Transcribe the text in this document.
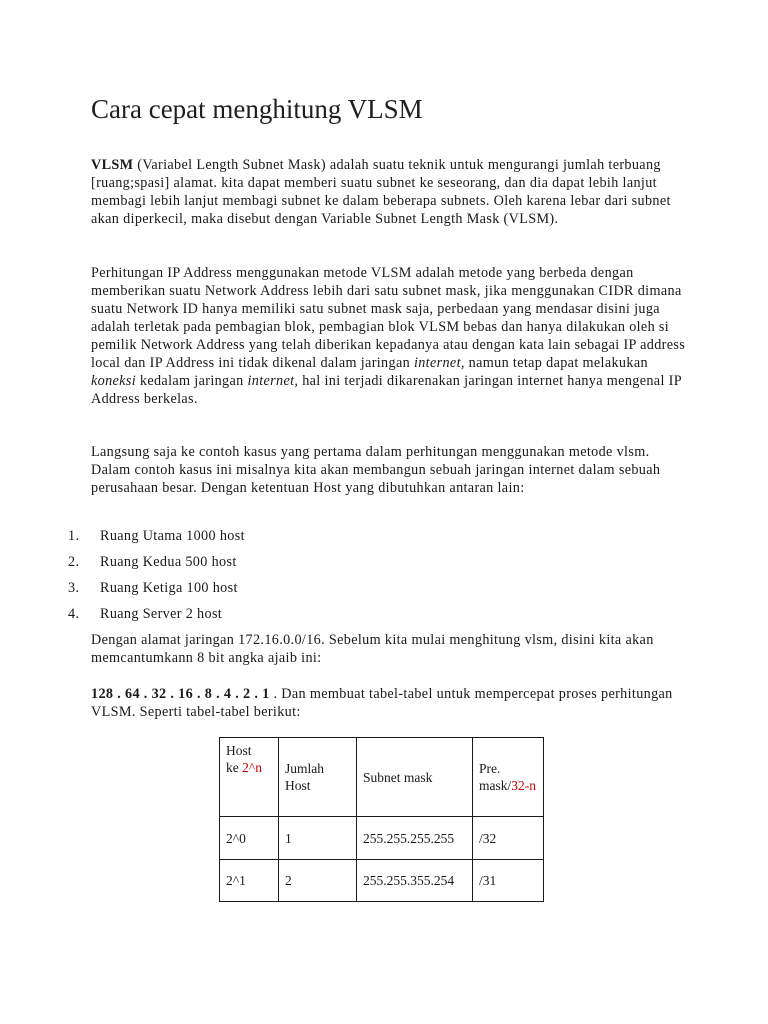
Cara cepat menghitung VLSM

VLSM (Variabel Length Subnet Mask) adalah suatu teknik untuk mengurangi jumlah terbuang [ruang;spasi] alamat. kita dapat memberi suatu subnet ke seseorang, dan dia dapat lebih lanjut membagi lebih lanjut membagi subnet ke dalam beberapa subnets. Oleh karena lebar dari subnet akan diperkecil, maka disebut dengan Variable Subnet Length Mask (VLSM).

Perhitungan IP Address menggunakan metode VLSM adalah metode yang berbeda dengan memberikan suatu Network Address lebih dari satu subnet mask, jika menggunakan CIDR dimana suatu Network ID hanya memiliki satu subnet mask saja, perbedaan yang mendasar disini juga adalah terletak pada pembagian blok, pembagian blok VLSM bebas dan hanya dilakukan oleh si pemilik Network Address yang telah diberikan kepadanya atau dengan kata lain sebagai IP address local dan IP Address ini tidak dikenal dalam jaringan internet, namun tetap dapat melakukan koneksi kedalam jaringan internet, hal ini terjadi dikarenakan jaringan internet hanya mengenal IP Address berkelas.

Langsung saja ke contoh kasus yang pertama dalam perhitungan menggunakan metode vlsm. Dalam contoh kasus ini misalnya kita akan membangun sebuah jaringan internet dalam sebuah perusahaan besar. Dengan ketentuan Host yang dibutuhkan antaran lain:

1. Ruang Utama 1000 host
2. Ruang Kedua 500 host
3. Ruang Ketiga 100 host
4. Ruang Server 2 host

Dengan alamat jaringan 172.16.0.0/16. Sebelum kita mulai menghitung vlsm, disini kita akan memcantumkann 8 bit angka ajaib ini:

128 . 64 . 32 . 16 . 8 . 4 . 2 . 1 . Dan membuat tabel-tabel untuk mempercepat proses perhitungan VLSM. Seperti tabel-tabel berikut:

Host
ke 2^n	Jumlah Host	Subnet mask	Pre. mask/32-n
2^0	1	255.255.255.255	/32
2^1	2	255.255.355.254	/31
